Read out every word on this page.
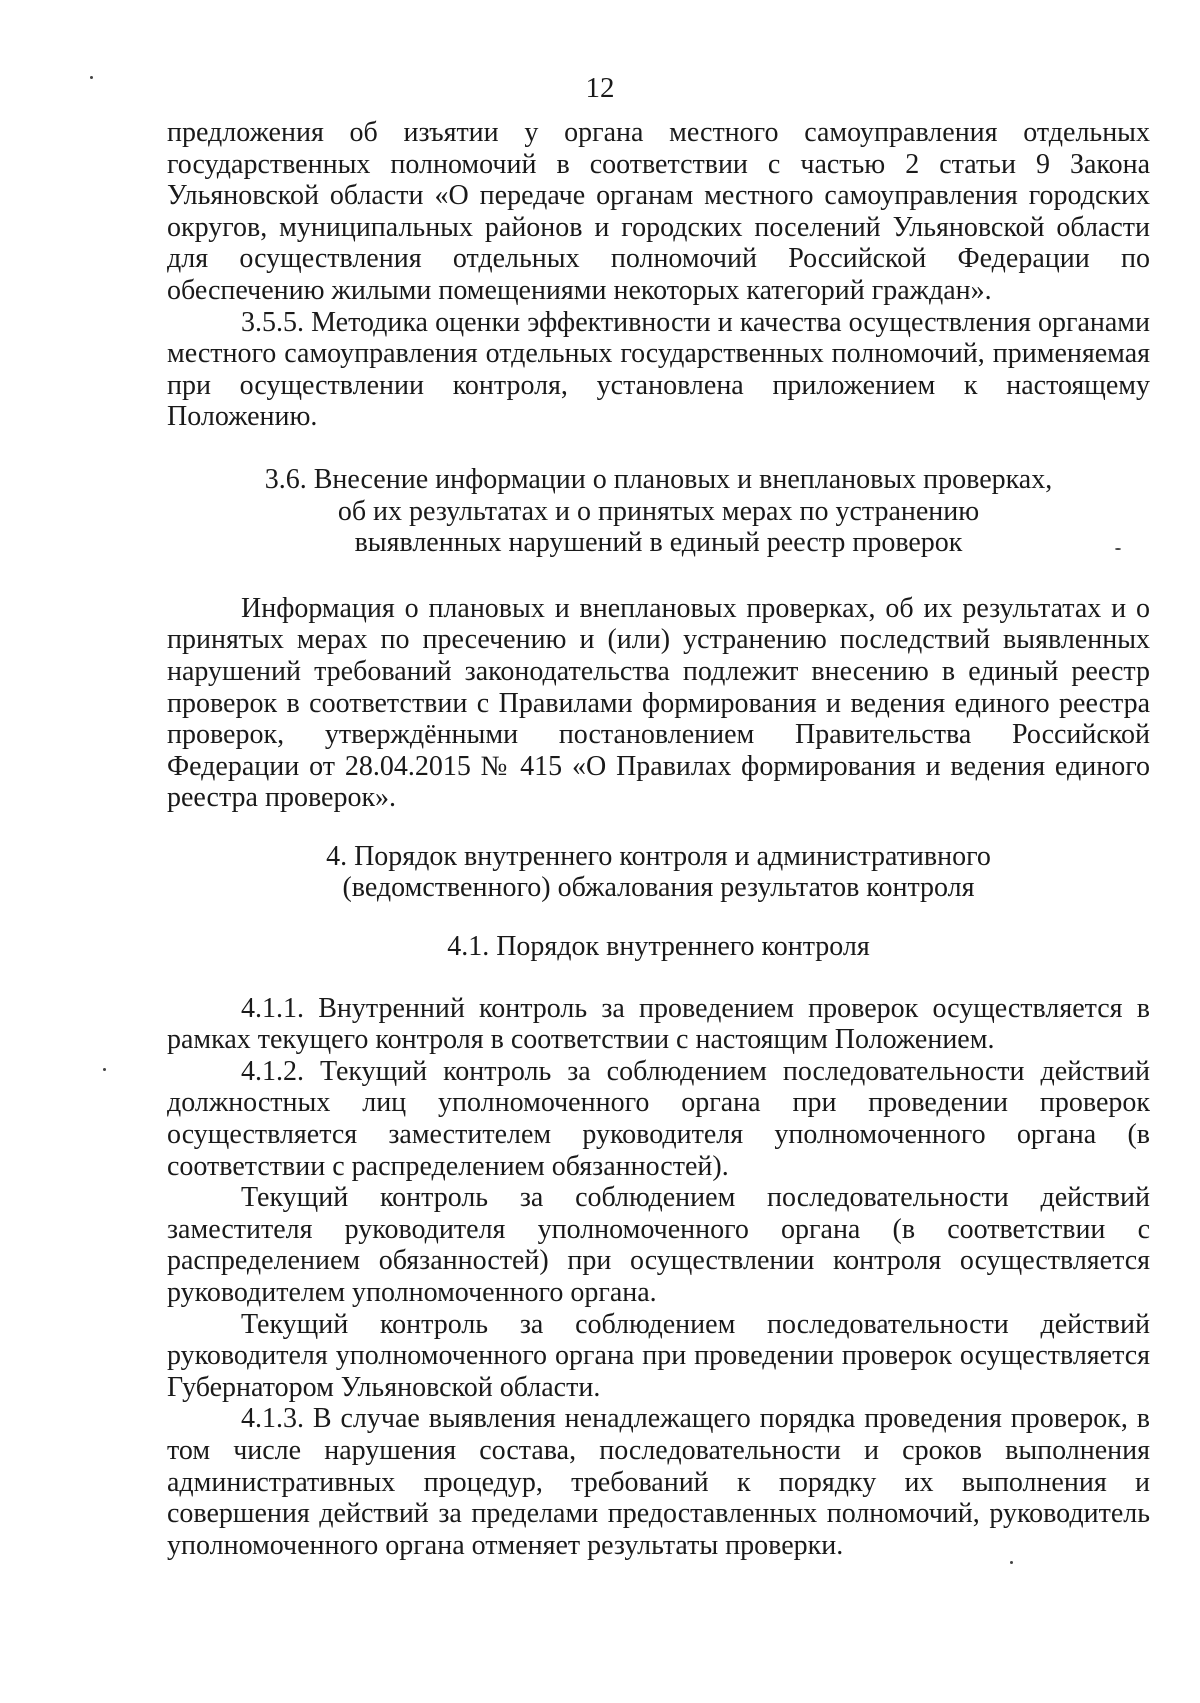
12

предложения об изъятии у органа местного самоуправления отдельных государственных полномочий в соответствии с частью 2 статьи 9 Закона Ульяновской области «О передаче органам местного самоуправления городских округов, муниципальных районов и городских поселений Ульяновской области для осуществления отдельных полномочий Российской Федерации по обеспечению жилыми помещениями некоторых категорий граждан».

3.5.5. Методика оценки эффективности и качества осуществления органами местного самоуправления отдельных государственных полномочий, применяемая при осуществлении контроля, установлена приложением к настоящему Положению.

3.6. Внесение информации о плановых и внеплановых проверках,
об их результатах и о принятых мерах по устранению
выявленных нарушений в единый реестр проверок

Информация о плановых и внеплановых проверках, об их результатах и о принятых мерах по пресечению и (или) устранению последствий выявленных нарушений требований законодательства подлежит внесению в единый реестр проверок в соответствии с Правилами формирования и ведения единого реестра проверок, утверждёнными постановлением Правительства Российской Федерации от 28.04.2015 № 415 «О Правилах формирования и ведения единого реестра проверок».

4. Порядок внутреннего контроля и административного
(ведомственного) обжалования результатов контроля
4.1. Порядок внутреннего контроля

4.1.1. Внутренний контроль за проведением проверок осуществляется в рамках текущего контроля в соответствии с настоящим Положением.

4.1.2. Текущий контроль за соблюдением последовательности действий должностных лиц уполномоченного органа при проведении проверок осуществляется заместителем руководителя уполномоченного органа (в соответствии с распределением обязанностей).

Текущий контроль за соблюдением последовательности действий заместителя руководителя уполномоченного органа (в соответствии с распределением обязанностей) при осуществлении контроля осуществляется руководителем уполномоченного органа.

Текущий контроль за соблюдением последовательности действий руководителя уполномоченного органа при проведении проверок осуществляется Губернатором Ульяновской области.

4.1.3. В случае выявления ненадлежащего порядка проведения проверок, в том числе нарушения состава, последовательности и сроков выполнения административных процедур, требований к порядку их выполнения и совершения действий за пределами предоставленных полномочий, руководитель уполномоченного органа отменяет результаты проверки.
